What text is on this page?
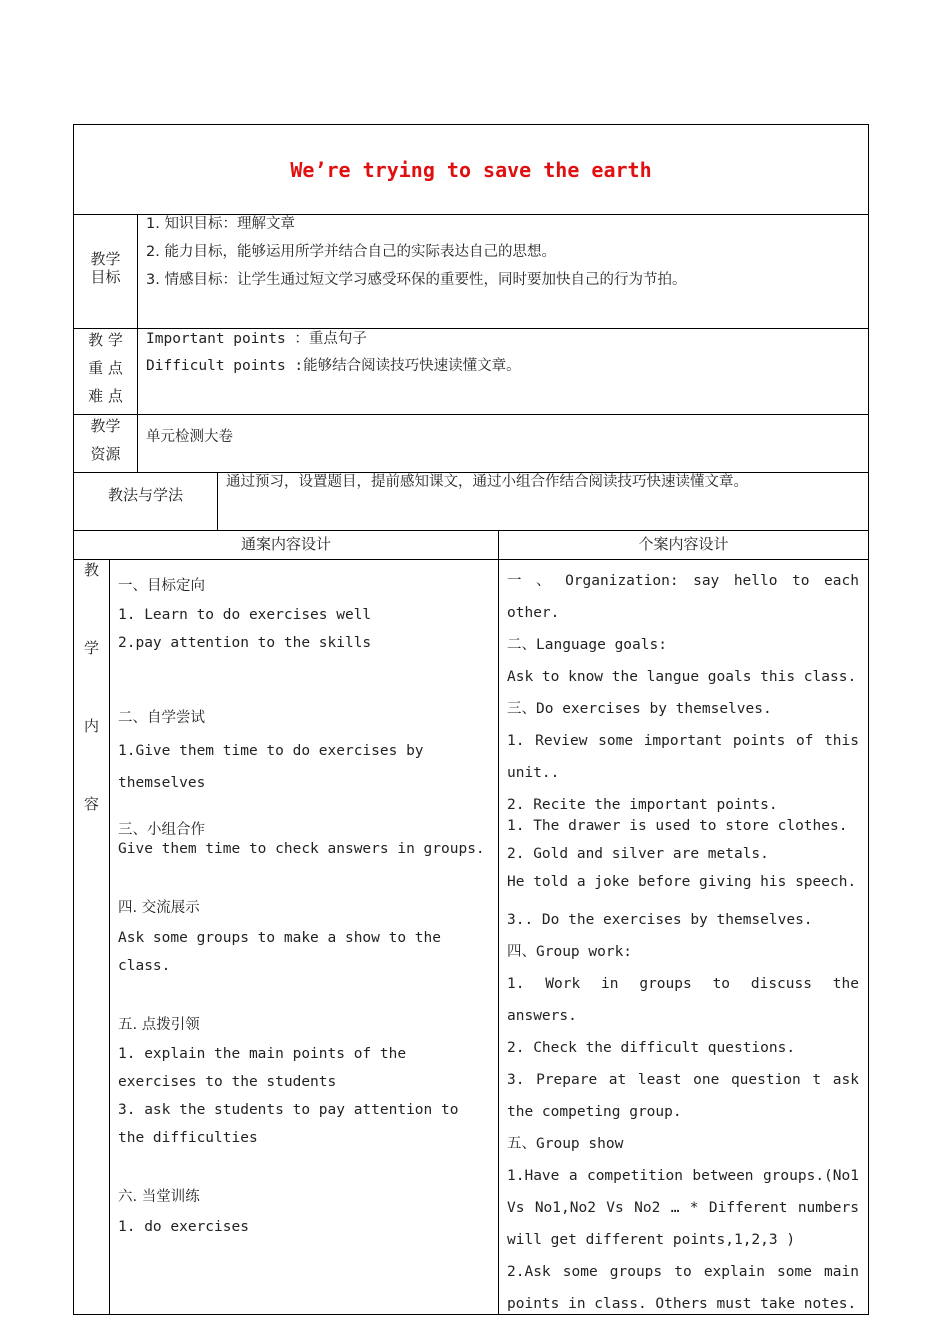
We’re trying to save the earth
教学
目标
1. 知识目标：理解文章
2. 能力目标，能够运用所学并结合自己的实际表达自己的思想。
3. 情感目标：让学生通过短文学习感受环保的重要性，同时要加快自己的行为节拍。
教 学
重 点
难 点
Important points ：重点句子
Difficult points :能够结合阅读技巧快速读懂文章。
教学
资源
单元检测大卷
教法与学法
通过预习，设置题目，提前感知课文，通过小组合作结合阅读技巧快速读懂文章。
通案内容设计	个案内容设计
教
学
内
容
一、目标定向
1. Learn to do exercises well
2.pay attention to the skills
二、自学尝试
1.Give them time to do exercises by
themselves
三、小组合作
Give them time to check answers in groups.
四. 交流展示
Ask some groups to make a show to the
class.
五. 点拨引领
1. explain the main points of the
exercises to the students
3. ask the students to pay attention to
the difficulties
六. 当堂训练
1. do exercises
一 、 Organization: say hello to each
other.
二、Language goals:
Ask to know the langue goals this class.
三、Do exercises by themselves.
1. Review some important points of this
unit..
2. Recite the important points.
1. The drawer is used to store clothes.
2. Gold and silver are metals.
He told a joke before giving his speech.
3.. Do the exercises by themselves.
四、Group work:
1. Work in groups to discuss the
answers.
2. Check the difficult questions.
3. Prepare at least one question t ask
the competing group.
五、Group show
1.Have a competition between groups.(No1
Vs No1,No2 Vs No2 … * Different numbers
will get different points,1,2,3 )
2.Ask some groups to explain some main
points in class. Others must take notes.
